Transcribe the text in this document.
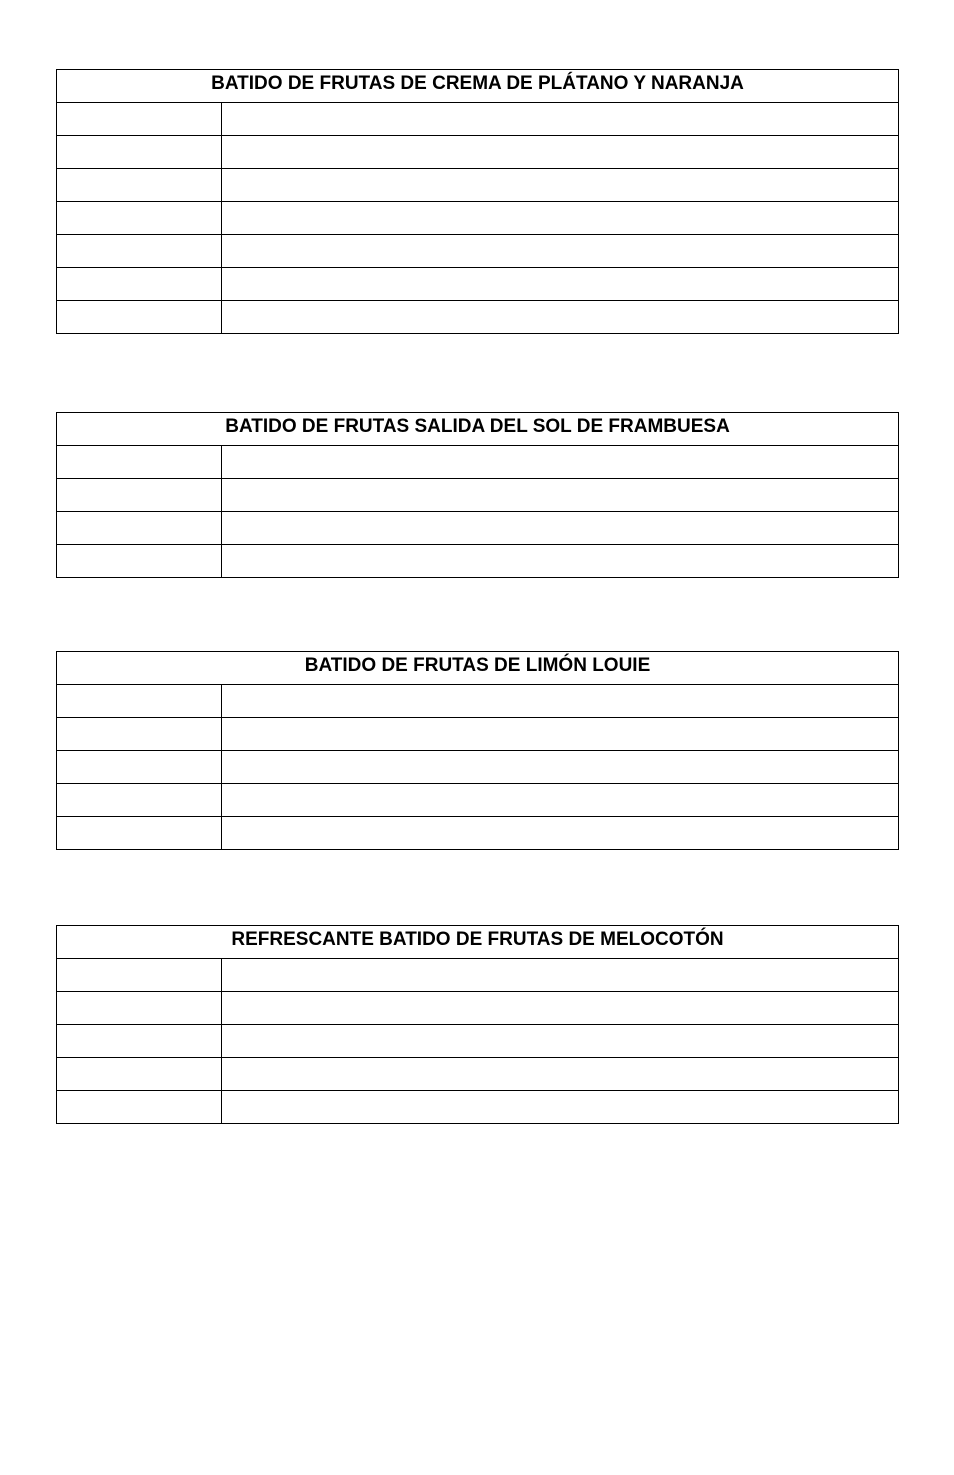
BATIDO DE FRUTAS DE CREMA DE PLÁTANO Y NARANJA	

BATIDO DE FRUTAS SALIDA DEL SOL DE FRAMBUESA	

BATIDO DE FRUTAS DE LIMÓN LOUIE	

REFRESCANTE BATIDO DE FRUTAS DE MELOCOTÓN	
